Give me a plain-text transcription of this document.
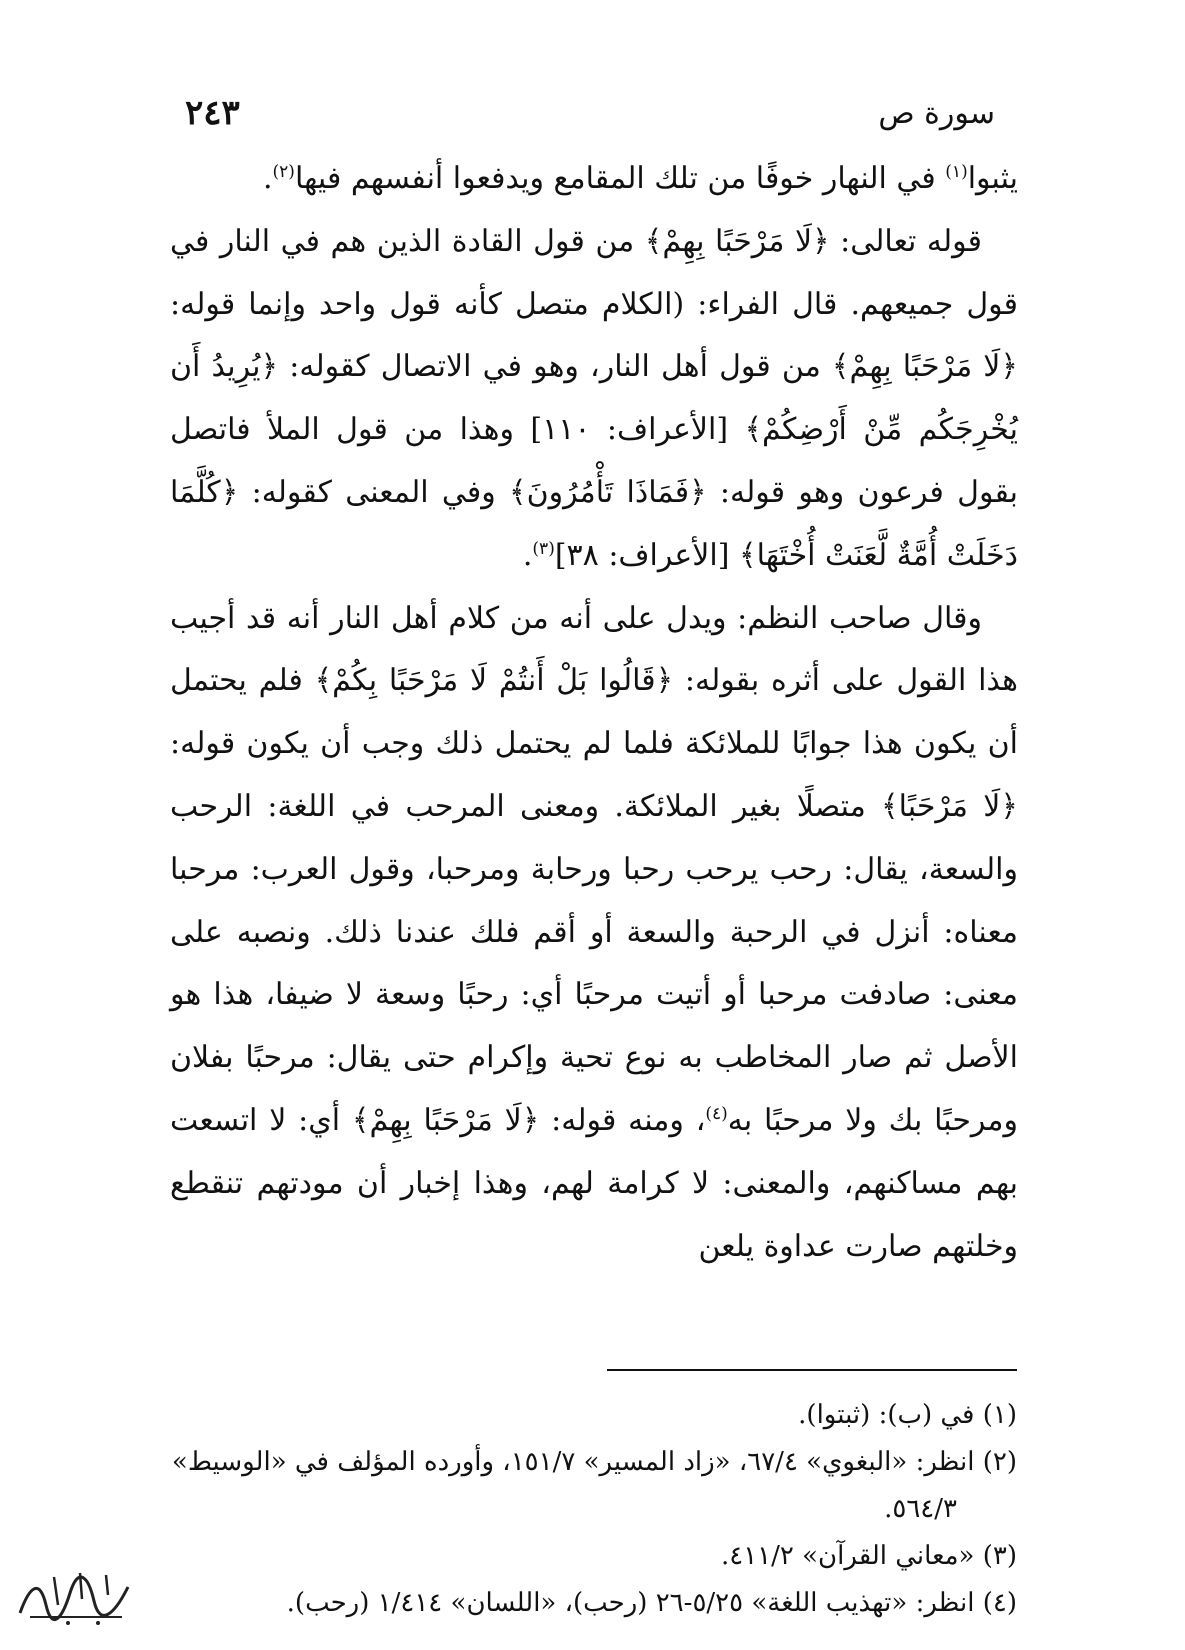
سورة ص
٢٤٣

يثبوا$^{(١)}$ في النهار خوفًا من تلك المقامع ويدفعوا أنفسهم فيها$^{(٢)}$.

قوله تعالى: ﴿لَا مَرْحَبًا بِهِمْ﴾ من قول القادة الذين هم في النار في قول جميعهم. قال الفراء: (الكلام متصل كأنه قول واحد وإنما قوله: ﴿لَا مَرْحَبًا بِهِمْ﴾ من قول أهل النار، وهو في الاتصال كقوله: ﴿يُرِيدُ أَن يُخْرِجَكُم مِّنْ أَرْضِكُمْ﴾ [الأعراف: ١١٠] وهذا من قول الملأ فاتصل بقول فرعون وهو قوله: ﴿فَمَاذَا تَأْمُرُونَ﴾ وفي المعنى كقوله: ﴿كُلَّمَا دَخَلَتْ أُمَّةٌ لَّعَنَتْ أُخْتَهَا﴾ [الأعراف: ٣٨]$^{(٣)}$.

وقال صاحب النظم: ويدل على أنه من كلام أهل النار أنه قد أجيب هذا القول على أثره بقوله: ﴿قَالُوا بَلْ أَنتُمْ لَا مَرْحَبًا بِكُمْ﴾ فلم يحتمل أن يكون هذا جوابًا للملائكة فلما لم يحتمل ذلك وجب أن يكون قوله: ﴿لَا مَرْحَبًا﴾ متصلًا بغير الملائكة. ومعنى المرحب في اللغة: الرحب والسعة، يقال: رحب يرحب رحبا ورحابة ومرحبا، وقول العرب: مرحبا معناه: أنزل في الرحبة والسعة أو أقم فلك عندنا ذلك. ونصبه على معنى: صادفت مرحبا أو أتيت مرحبًا أي: رحبًا وسعة لا ضيفا، هذا هو الأصل ثم صار المخاطب به نوع تحية وإكرام حتى يقال: مرحبًا بفلان ومرحبًا بك ولا مرحبًا به$^{(٤)}$، ومنه قوله: ﴿لَا مَرْحَبًا بِهِمْ﴾ أي: لا اتسعت بهم مساكنهم، والمعنى: لا كرامة لهم، وهذا إخبار أن مودتهم تنقطع وخلتهم صارت عداوة يلعن

(١) في (ب): (ثبتوا).

(٢) انظر: «البغوي» ٦٧/٤، «زاد المسير» ١٥١/٧، وأورده المؤلف في «الوسيط»

٥٦٤/٣.

(٣) «معاني القرآن» ٤١١/٢.

(٤) انظر: «تهذيب اللغة» ٥/٢٥-٢٦ (رحب)، «اللسان» ١/٤١٤ (رحب).
